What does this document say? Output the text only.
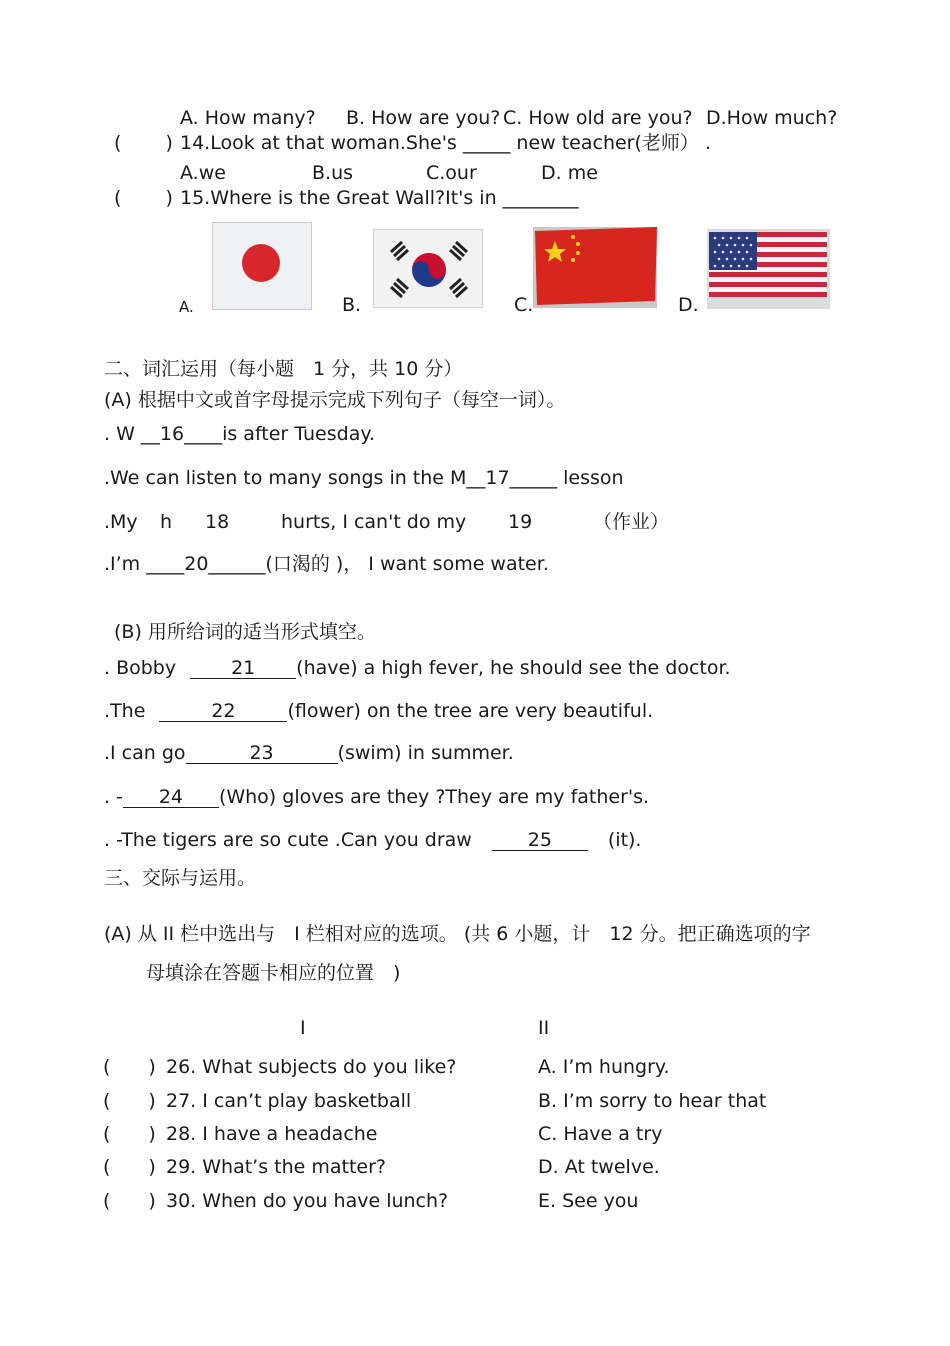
A. How many? B. How are you? C. How old are you? D.How much?
(　 　) 14.Look at that woman.She's _____ new teacher(老师） .
A.we	B.us	C.our	D. me
(　 　) 15.Where is the Great Wall?It's in ________
A.	B.	C.	D.
二、词汇运用（每小题　1 分，共 10 分）
(A) 根据中文或首字母提示完成下列句子（每空一词）。
. W __16____is after Tuesday.
.We can listen to many songs in the M__17_____ lesson
.My h 18	hurts, I can't do my 19	（作业）
.I’m ____20______(口渴的 )， I want some water.
(B) 用所给词的适当形式填空。
. Bobby	21 (have) a high fever, he should see the doctor.
.The	22　　	(flower) on the tree are very beautiful.
.I can go	23　　	(swim) in summer.
. - 24 (Who) gloves are they ?They are my father's.
. -The tigers are so cute .Can you draw	25　	(it).
三、交际与运用。
(A) 从 II 栏中选出与　I 栏相对应的选项。 (共 6 小题，计　12 分。把正确选项的字
母填涂在答题卡相应的位置　)
I	II
(　　) 26. What subjects do you like?	A. I’m hungry.
(　　) 27. I can’t play basketball	B. I’m sorry to hear that
(　　) 28. I have a headache	C. Have a try
(　　) 29. What’s the matter?	D. At twelve.
(　　) 30. When do you have lunch?	E. See you
